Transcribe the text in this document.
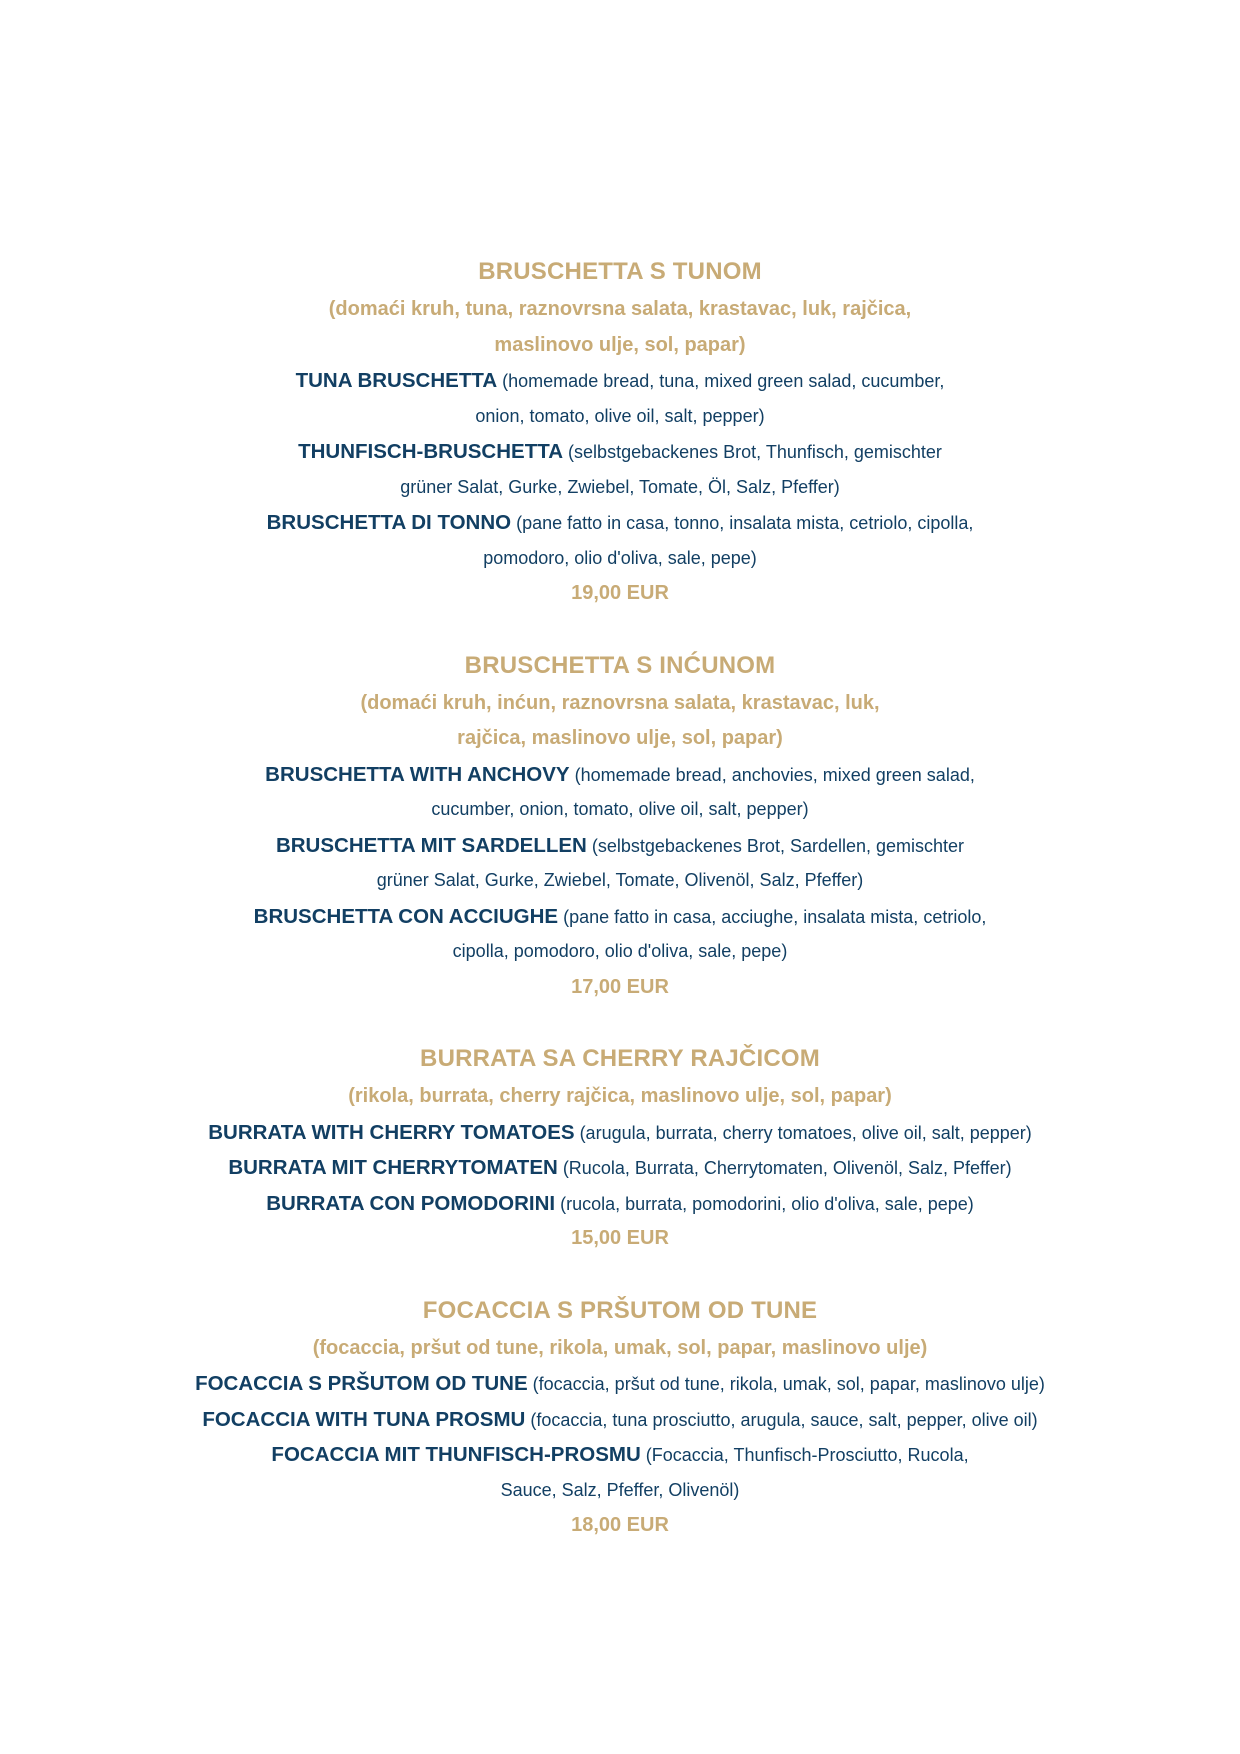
BRUSCHETTA S TUNOM
(domaći kruh, tuna, raznovrsna salata, krastavac, luk, rajčica,
maslinovo ulje, sol, papar)
TUNA BRUSCHETTA (homemade bread, tuna, mixed green salad, cucumber,
onion, tomato, olive oil, salt, pepper)
THUNFISCH-BRUSCHETTA (selbstgebackenes Brot, Thunfisch, gemischter
grüner Salat, Gurke, Zwiebel, Tomate, Öl, Salz, Pfeffer)
BRUSCHETTA DI TONNO (pane fatto in casa, tonno, insalata mista, cetriolo, cipolla,
pomodoro, olio d'oliva, sale, pepe)
19,00 EUR
BRUSCHETTA S INĆUNOM
(domaći kruh, inćun, raznovrsna salata, krastavac, luk,
rajčica, maslinovo ulje, sol, papar)
BRUSCHETTA WITH ANCHOVY (homemade bread, anchovies, mixed green salad,
cucumber, onion, tomato, olive oil, salt, pepper)
BRUSCHETTA MIT SARDELLEN (selbstgebackenes Brot, Sardellen, gemischter
grüner Salat, Gurke, Zwiebel, Tomate, Olivenöl, Salz, Pfeffer)
BRUSCHETTA CON ACCIUGHE (pane fatto in casa, acciughe, insalata mista, cetriolo,
cipolla, pomodoro, olio d'oliva, sale, pepe)
17,00 EUR
BURRATA SA CHERRY RAJČICOM
(rikola, burrata, cherry rajčica, maslinovo ulje, sol, papar)
BURRATA WITH CHERRY TOMATOES (arugula, burrata, cherry tomatoes, olive oil, salt, pepper)
BURRATA MIT CHERRYTOMATEN (Rucola, Burrata, Cherrytomaten, Olivenöl, Salz, Pfeffer)
BURRATA CON POMODORINI (rucola, burrata, pomodorini, olio d'oliva, sale, pepe)
15,00 EUR
FOCACCIA S PRŠUTOM OD TUNE
(focaccia, pršut od tune, rikola, umak, sol, papar, maslinovo ulje)
FOCACCIA S PRŠUTOM OD TUNE (focaccia, pršut od tune, rikola, umak, sol, papar, maslinovo ulje)
FOCACCIA WITH TUNA PROSMU (focaccia, tuna prosciutto, arugula, sauce, salt, pepper, olive oil)
FOCACCIA MIT THUNFISCH-PROSMU (Focaccia, Thunfisch-Prosciutto, Rucola,
Sauce, Salz, Pfeffer, Olivenöl)
18,00 EUR
